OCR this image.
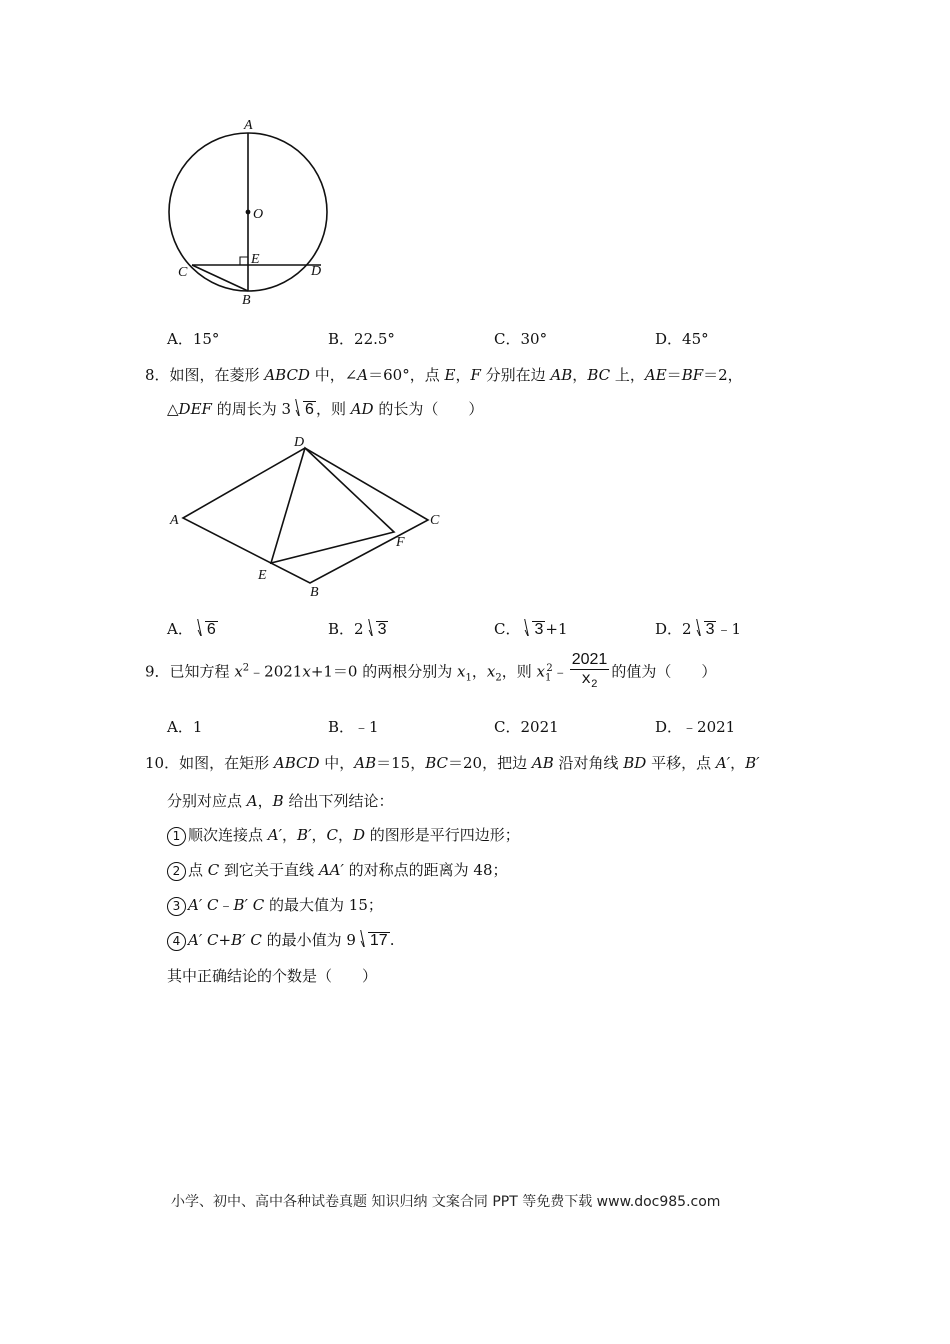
A
O
E
C	D
B
A．15°	B．22.5°	C．30°	D．45°
8．如图，在菱形 ABCD 中，∠A＝60°，点 E，F 分别在边 AB，BC 上，AE＝BF＝2，
△DEF 的周长为 3 6 ，则 AD 的长为（　　）
D
A	C
F
E
B
A． 6	B．2 3	C． 3 +1	D．2 3 ﹣1
9．已知方程 $x^2﹣2021x+1=0$ 的两根分别为 $x_1$，$x_2$，则 $x_1^2﹣ \frac{2021}{x_2}$ 的值为（　　）
A．1	B．﹣1	C．2021	D．﹣2021
10．如图，在矩形 ABCD 中，AB＝15，BC＝20，把边 AB 沿对角线 BD 平移，点 A′，B′
分别对应点 A，B 给出下列结论：
1 顺次连接点 A′，B′，C，D 的图形是平行四边形；
2 点 C 到它关于直线 AA′ 的对称点的距离为 48；
3 A′ C﹣B′ C 的最大值为 15；
4 A′ C+B′ C 的最小值为 9 17 .
其中正确结论的个数是（　　）
小学、初中、高中各种试卷真题 知识归纳 文案合同 PPT 等免费下载 www.doc985.com
